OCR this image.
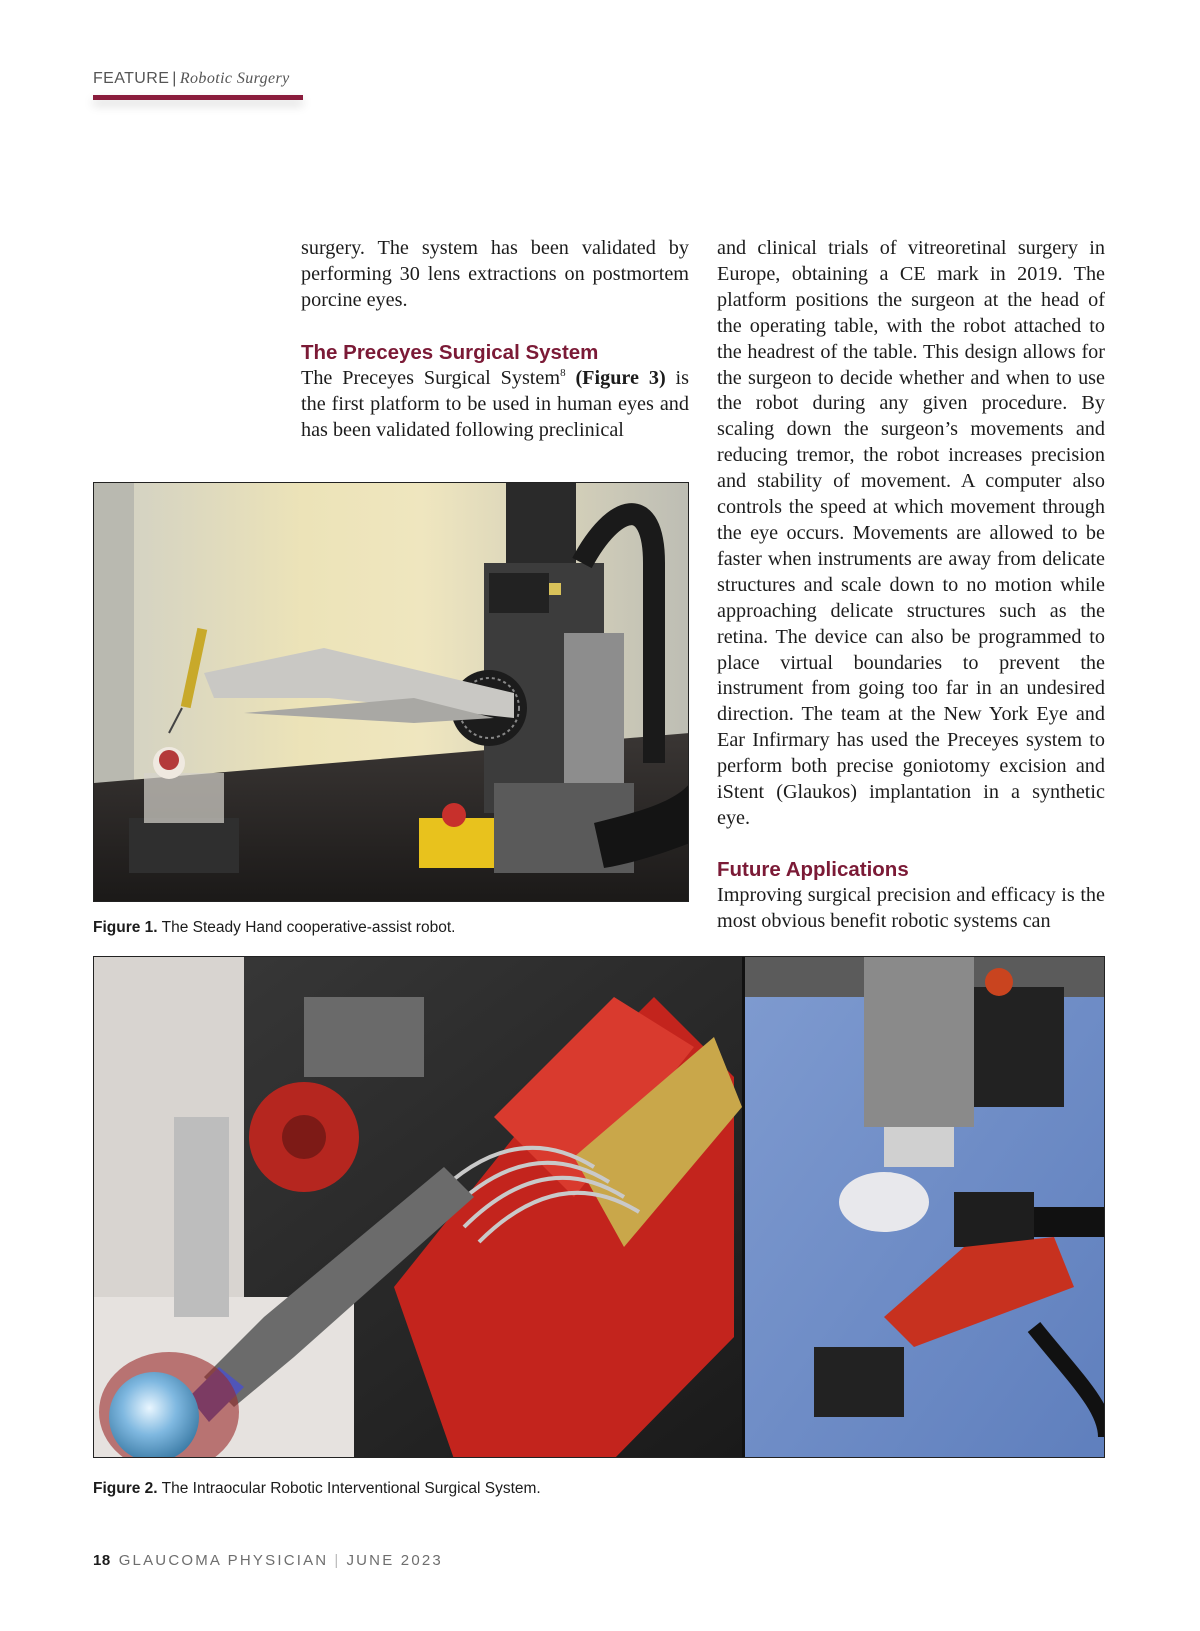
FEATURE | Robotic Surgery

surgery. The system has been validated by performing 30 lens extractions on postmortem porcine eyes.

The Preceyes Surgical System

The Preceyes Surgical System$^8$ (Figure 3) is the first platform to be used in human eyes and has been validated following preclinical

and clinical trials of vitreoretinal surgery in Europe, obtaining a CE mark in 2019. The platform positions the surgeon at the head of the operating table, with the robot attached to the headrest of the table. This design allows for the surgeon to decide whether and when to use the robot during any given procedure. By scaling down the surgeon’s movements and reducing tremor, the robot increases precision and stability of movement. A computer also controls the speed at which movement through the eye occurs. Movements are allowed to be faster when instruments are away from delicate structures and scale down to no motion while approaching delicate structures such as the retina. The device can also be programmed to place virtual boundaries to prevent the instrument from going too far in an undesired direction. The team at the New York Eye and Ear Infirmary has used the Preceyes system to perform both precise goniotomy excision and iStent (Glaukos) implantation in a synthetic eye.

Future Applications

Improving surgical precision and efficacy is the most obvious benefit robotic systems can

Figure 1. The Steady Hand cooperative-assist robot.
Figure 2. The Intraocular Robotic Interventional Surgical System.
18 GLAUCOMA PHYSICIAN | JUNE 2023
